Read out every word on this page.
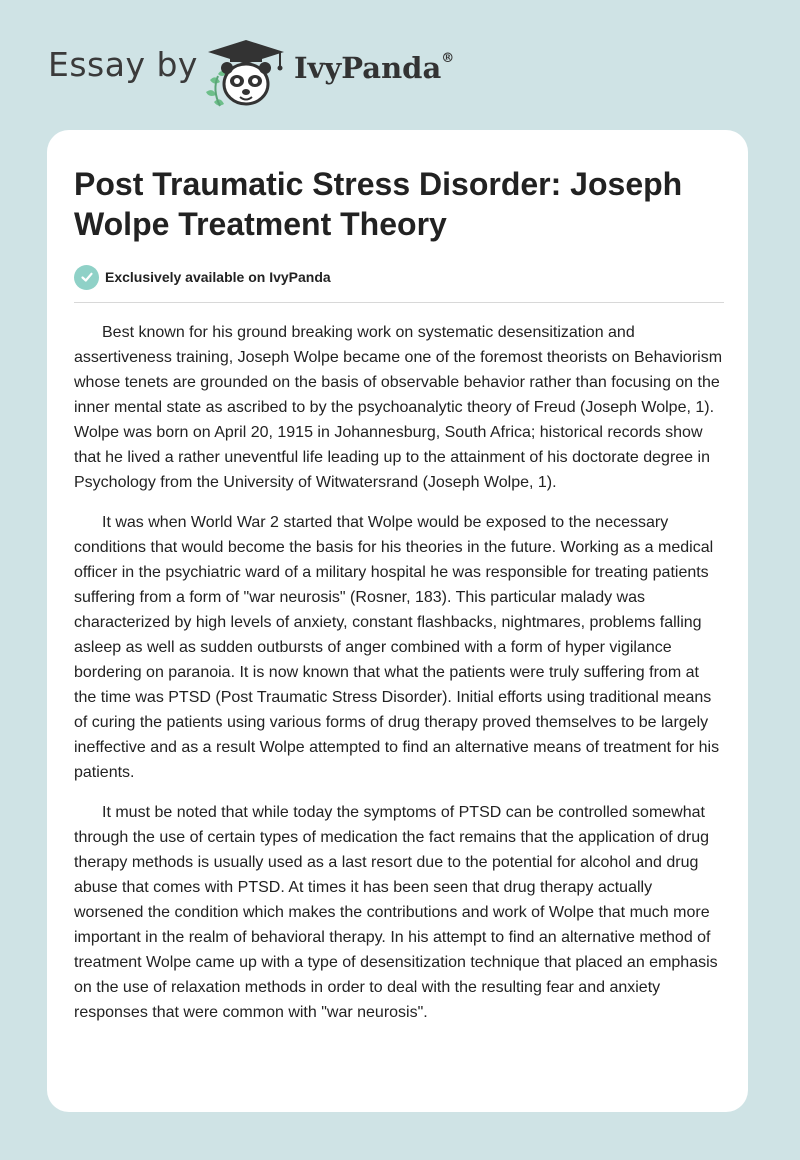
Essay by	IvyPanda®
Post Traumatic Stress Disorder: Joseph Wolpe Treatment Theory
Exclusively available on IvyPanda

Best known for his ground breaking work on systematic desensitization and assertiveness training, Joseph Wolpe became one of the foremost theorists on Behaviorism whose tenets are grounded on the basis of observable behavior rather than focusing on the inner mental state as ascribed to by the psychoanalytic theory of Freud (Joseph Wolpe, 1). Wolpe was born on April 20, 1915 in Johannesburg, South Africa; historical records show that he lived a rather uneventful life leading up to the attainment of his doctorate degree in Psychology from the University of Witwatersrand (Joseph Wolpe, 1).

It was when World War 2 started that Wolpe would be exposed to the necessary conditions that would become the basis for his theories in the future. Working as a medical officer in the psychiatric ward of a military hospital he was responsible for treating patients suffering from a form of "war neurosis" (Rosner, 183). This particular malady was characterized by high levels of anxiety, constant flashbacks, nightmares, problems falling asleep as well as sudden outbursts of anger combined with a form of hyper vigilance bordering on paranoia. It is now known that what the patients were truly suffering from at the time was PTSD (Post Traumatic Stress Disorder). Initial efforts using traditional means of curing the patients using various forms of drug therapy proved themselves to be largely ineffective and as a result Wolpe attempted to find an alternative means of treatment for his patients.

It must be noted that while today the symptoms of PTSD can be controlled somewhat through the use of certain types of medication the fact remains that the application of drug therapy methods is usually used as a last resort due to the potential for alcohol and drug abuse that comes with PTSD. At times it has been seen that drug therapy actually worsened the condition which makes the contributions and work of Wolpe that much more important in the realm of behavioral therapy. In his attempt to find an alternative method of treatment Wolpe came up with a type of desensitization technique that placed an emphasis on the use of relaxation methods in order to deal with the resulting fear and anxiety responses that were common with "war neurosis".
